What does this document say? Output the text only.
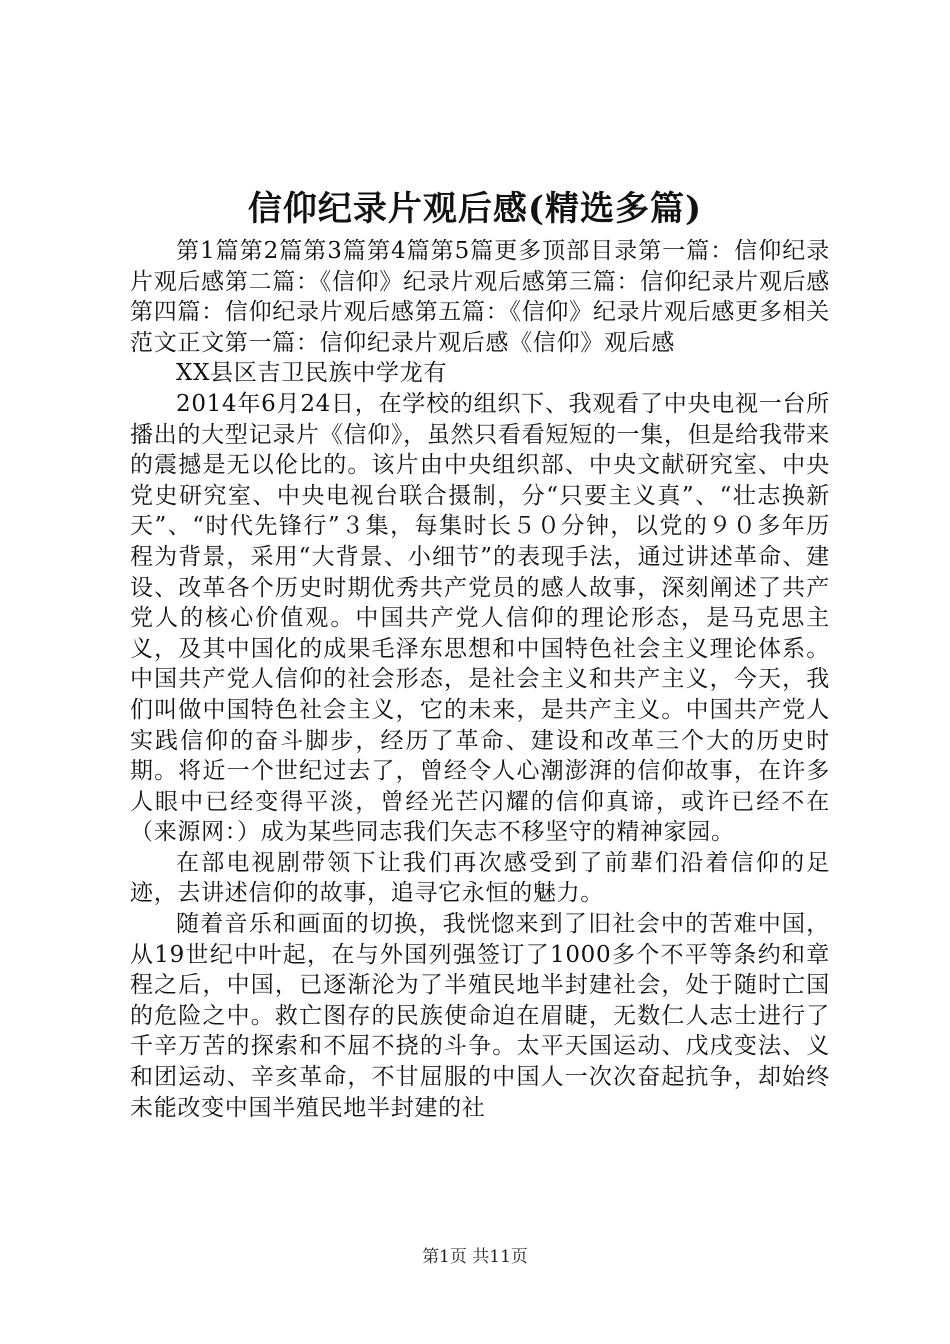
信仰纪录片观后感(精选多篇)

第1篇第2篇第3篇第4篇第5篇更多顶部目录第一篇：信仰纪录片观后感第二篇：《信仰》纪录片观后感第三篇：信仰纪录片观后感第四篇：信仰纪录片观后感第五篇：《信仰》纪录片观后感更多相关范文正文第一篇：信仰纪录片观后感《信仰》观后感

XX县区吉卫民族中学龙有

2014年6月24日，在学校的组织下、我观看了中央电视一台所播出的大型记录片《信仰》，虽然只看看短短的一集，但是给我带来的震撼是无以伦比的。该片由中央组织部、中央文献研究室、中央党史研究室、中央电视台联合摄制，分“只要主义真”、“壮志换新天”、“时代先锋行”３集，每集时长５０分钟，以党的９０多年历程为背景，采用“大背景、小细节”的表现手法，通过讲述革命、建设、改革各个历史时期优秀共产党员的感人故事，深刻阐述了共产党人的核心价值观。中国共产党人信仰的理论形态，是马克思主义，及其中国化的成果毛泽东思想和中国特色社会主义理论体系。中国共产党人信仰的社会形态，是社会主义和共产主义，今天，我们叫做中国特色社会主义，它的未来，是共产主义。中国共产党人实践信仰的奋斗脚步，经历了革命、建设和改革三个大的历史时期。将近一个世纪过去了，曾经令人心潮澎湃的信仰故事，在许多人眼中已经变得平淡，曾经光芒闪耀的信仰真谛，或许已经不在（来源网：）成为某些同志我们矢志不移坚守的精神家园。

在部电视剧带领下让我们再次感受到了前辈们沿着信仰的足迹，去讲述信仰的故事，追寻它永恒的魅力。

随着音乐和画面的切换，我恍惚来到了旧社会中的苦难中国，从19世纪中叶起，在与外国列强签订了1000多个不平等条约和章程之后，中国，已逐渐沦为了半殖民地半封建社会，处于随时亡国的危险之中。救亡图存的民族使命迫在眉睫，无数仁人志士进行了千辛万苦的探索和不屈不挠的斗争。太平天国运动、戊戌变法、义和团运动、辛亥革命，不甘屈服的中国人一次次奋起抗争，却始终未能改变中国半殖民地半封建的社

第1页 共11页
